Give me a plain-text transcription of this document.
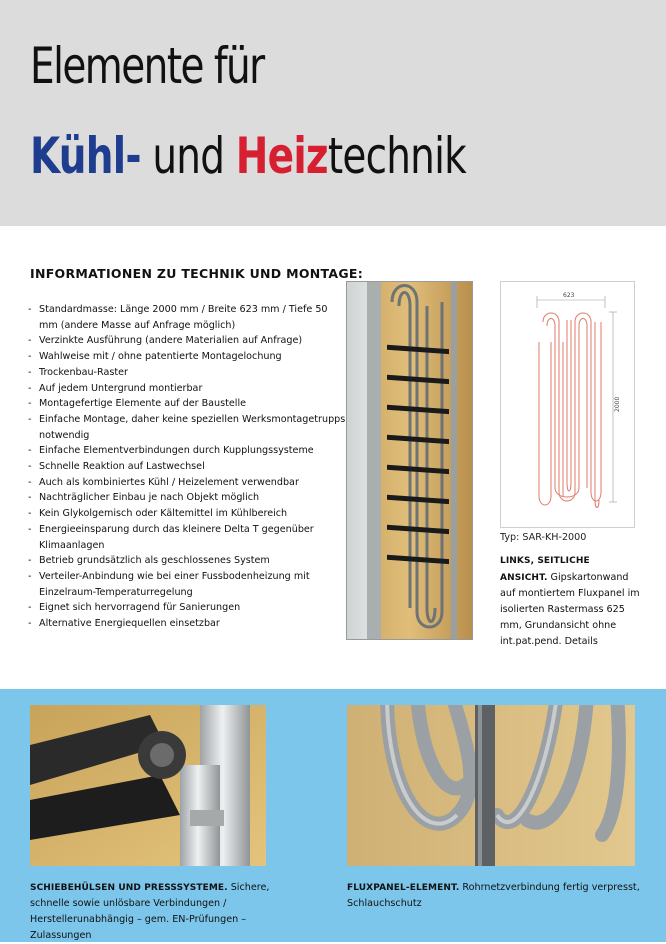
Elemente für
Kühl- und Heiztechnik
INFORMATIONEN ZU TECHNIK UND MONTAGE:
- Standardmasse: Länge 2000 mm / Breite 623 mm / Tiefe 50 mm (andere Masse auf Anfrage möglich)
- Verzinkte Ausführung (andere Materialien auf Anfrage)
- Wahlweise mit / ohne patentierte Montagelochung
- Trockenbau-Raster
- Auf jedem Untergrund montierbar
- Montagefertige Elemente auf der Baustelle
- Einfache Montage, daher keine speziellen Werksmontagetrupps notwendig
- Einfache Elementverbindungen durch Kupplungssysteme
- Schnelle Reaktion auf Lastwechsel
- Auch als kombiniertes Kühl / Heizelement verwendbar
- Nachträglicher Einbau je nach Objekt möglich
- Kein Glykolgemisch oder Kältemittel im Kühlbereich
- Energieeinsparung durch das kleinere Delta T gegenüber Klimaanlagen
- Betrieb grundsätzlich als geschlossenes System
- Verteiler-Anbindung wie bei einer Fussbodenheizung mit Einzelraum-Temperaturregelung
- Eignet sich hervorragend für Sanierungen
- Alternative Energiequellen einsetzbar
623
2000
Typ: SAR-KH-2000
LINKS, SEITLICHE ANSICHT. Gipskartonwand auf montiertem Fluxpanel im isolierten Rastermass 625 mm, Grundansicht ohne int.pat.pend. Details
SCHIEBEHÜLSEN UND PRESSSYSTEME. Sichere, schnelle sowie unlösbare Verbindungen / Herstellerunabhängig – gem. EN-Prüfungen – Zulassungen
FLUXPANEL-ELEMENT. Rohrnetzverbindung fertig verpresst, Schlauchschutz
